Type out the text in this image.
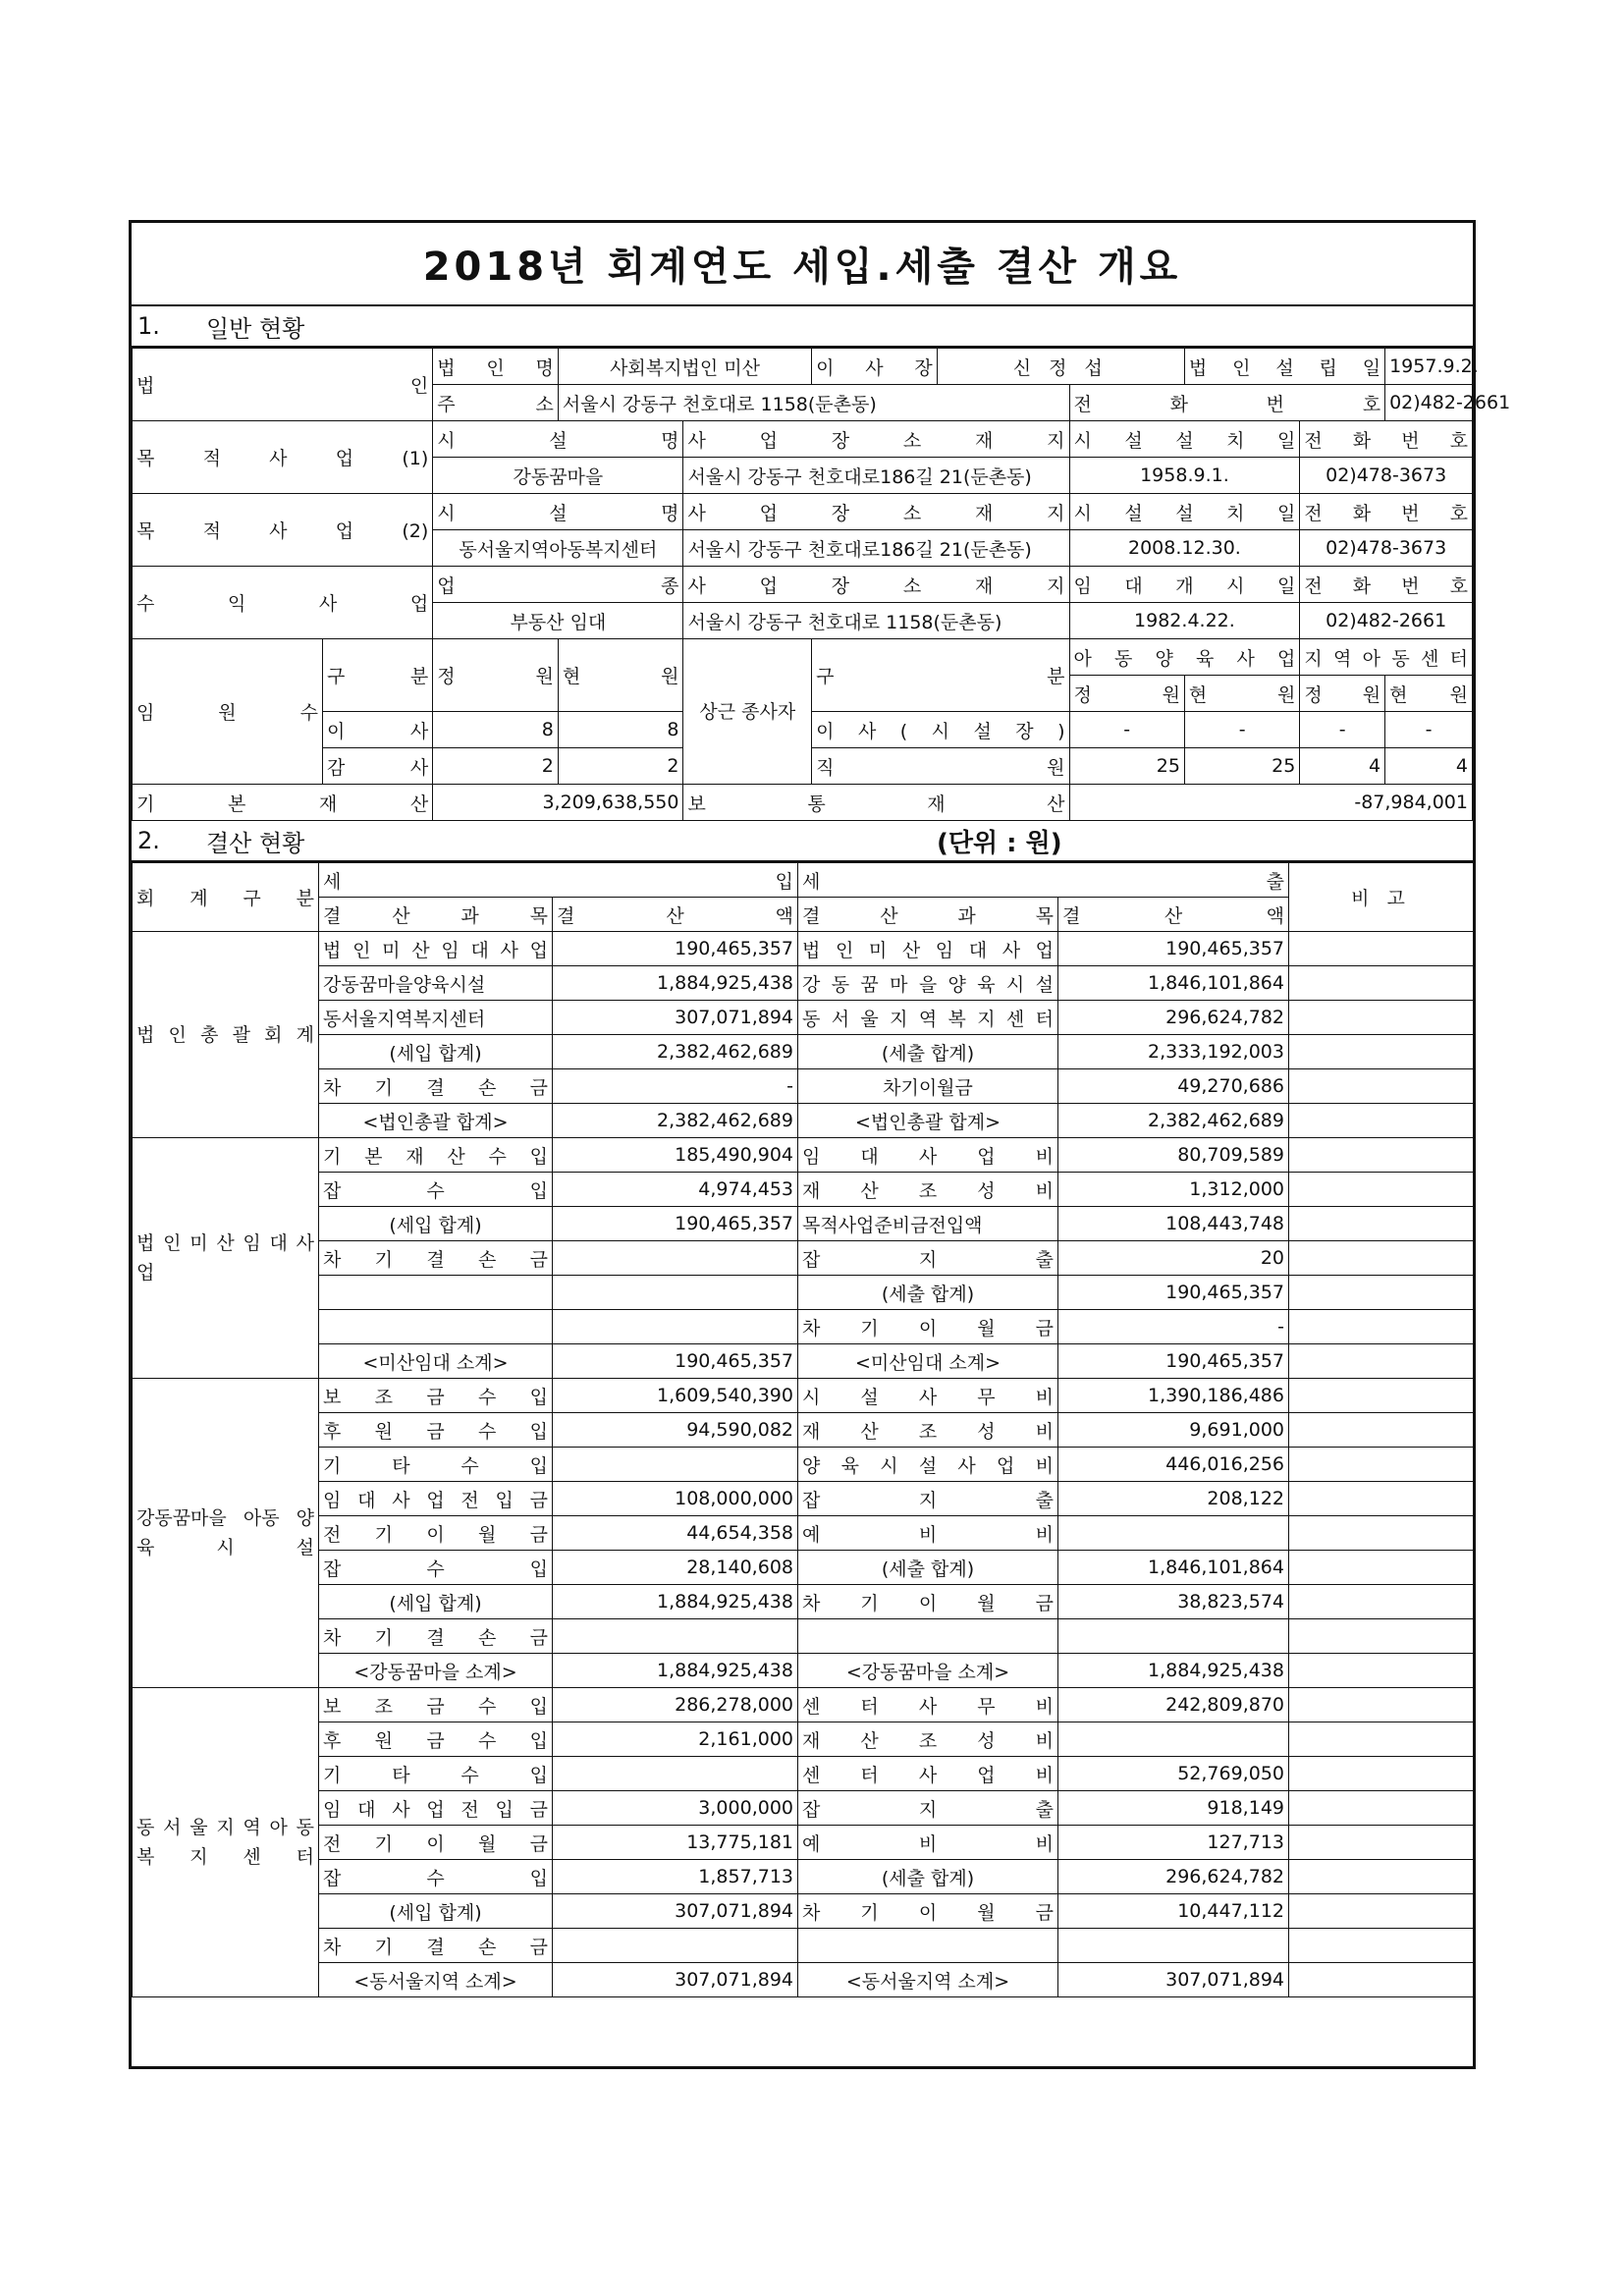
2018년 회계연도 세입.세출 결산 개요
1.	일반 현황
법 인		법 인 명	사회복지법인 미산		이 사 장	신 정 섭		법 인 설 립 일		1957.9.2.
		주 소	서울시 강동구 천호대로 1158(둔촌동)				전 화 번 호			02)482-2661
목 적 사 업 (1)		시 설 명		사 업 장 소 재 지			시 설 설 치 일		전 화 번 호	
		강동꿈마을		서울시 강동구 천호대로186길 21(둔촌동)			1958.9.1.		02)478-3673	
목 적 사 업 (2)		시 설 명		사 업 장 소 재 지			시 설 설 치 일		전 화 번 호	
		동서울지역아동복지센터		서울시 강동구 천호대로186길 21(둔촌동)			2008.12.30.		02)478-3673	
수 익 사 업		업 종		사 업 장 소 재 지			임 대 개 시 일		전 화 번 호	
		부동산 임대		서울시 강동구 천호대로 1158(둔촌동)			1982.4.22.		02)482-2661	
임 원 수	구 분	정 원	현 원	상근 종사자	구 분		아 동 양 육 사 업		지 역 아 동 센 터	
							정 원	현 원	정 원	현 원
	이 사	8	8		이 사 ( 시 설 장 )		-	-	-	-
	감 사	2	2		직 원		25	25	4	4
기 본 재 산		3,209,638,550		보 통 재 산			-87,984,001			
2.	결산 현황	(단위 : 원)
회 계 구 분	세 입		세 출		비 고
	결 산 과 목	결 산 액	결 산 과 목	결 산 액	
법 인 총 괄 회 계	법 인 미 산 임 대 사 업	190,465,357	법 인 미 산 임 대 사 업	190,465,357	
	강동꿈마을양육시설	1,884,925,438	강 동 꿈 마 을 양 육 시 설	1,846,101,864	
	동서울지역복지센터	307,071,894	동 서 울 지 역 복 지 센 터	296,624,782	
	(세입 합계)	2,382,462,689	(세출 합계)	2,333,192,003	
	차 기 결 손 금	-	차기이월금	49,270,686	
	<법인총괄 합계>	2,382,462,689	<법인총괄 합계>	2,382,462,689	
법 인 미 산 임 대 사 업	기 본 재 산 수 입	185,490,904	임 대 사 업 비	80,709,589	
	잡 수 입	4,974,453	재 산 조 성 비	1,312,000	
	(세입 합계)	190,465,357	목적사업준비금전입액	108,443,748	
	차 기 결 손 금		잡 지 출	20	
			(세출 합계)	190,465,357	
			차 기 이 월 금	-	
	<미산임대 소계>	190,465,357	<미산임대 소계>	190,465,357	
강동꿈마을 아동 양 육 시 설	보 조 금 수 입	1,609,540,390	시 설 사 무 비	1,390,186,486	
	후 원 금 수 입	94,590,082	재 산 조 성 비	9,691,000	
	기 타 수 입		양 육 시 설 사 업 비	446,016,256	
	임 대 사 업 전 입 금	108,000,000	잡 지 출	208,122	
	전 기 이 월 금	44,654,358	예 비 비		
	잡 수 입	28,140,608	(세출 합계)	1,846,101,864	
	(세입 합계)	1,884,925,438	차 기 이 월 금	38,823,574	
	차 기 결 손 금				
	<강동꿈마을 소계>	1,884,925,438	<강동꿈마을 소계>	1,884,925,438	
동 서 울 지 역 아 동 복 지 센 터	보 조 금 수 입	286,278,000	센 터 사 무 비	242,809,870	
	후 원 금 수 입	2,161,000	재 산 조 성 비		
	기 타 수 입		센 터 사 업 비	52,769,050	
	임 대 사 업 전 입 금	3,000,000	잡 지 출	918,149	
	전 기 이 월 금	13,775,181	예 비 비	127,713	
	잡 수 입	1,857,713	(세출 합계)	296,624,782	
	(세입 합계)	307,071,894	차 기 이 월 금	10,447,112	
	차 기 결 손 금				
	<동서울지역 소계>	307,071,894	<동서울지역 소계>	307,071,894	
